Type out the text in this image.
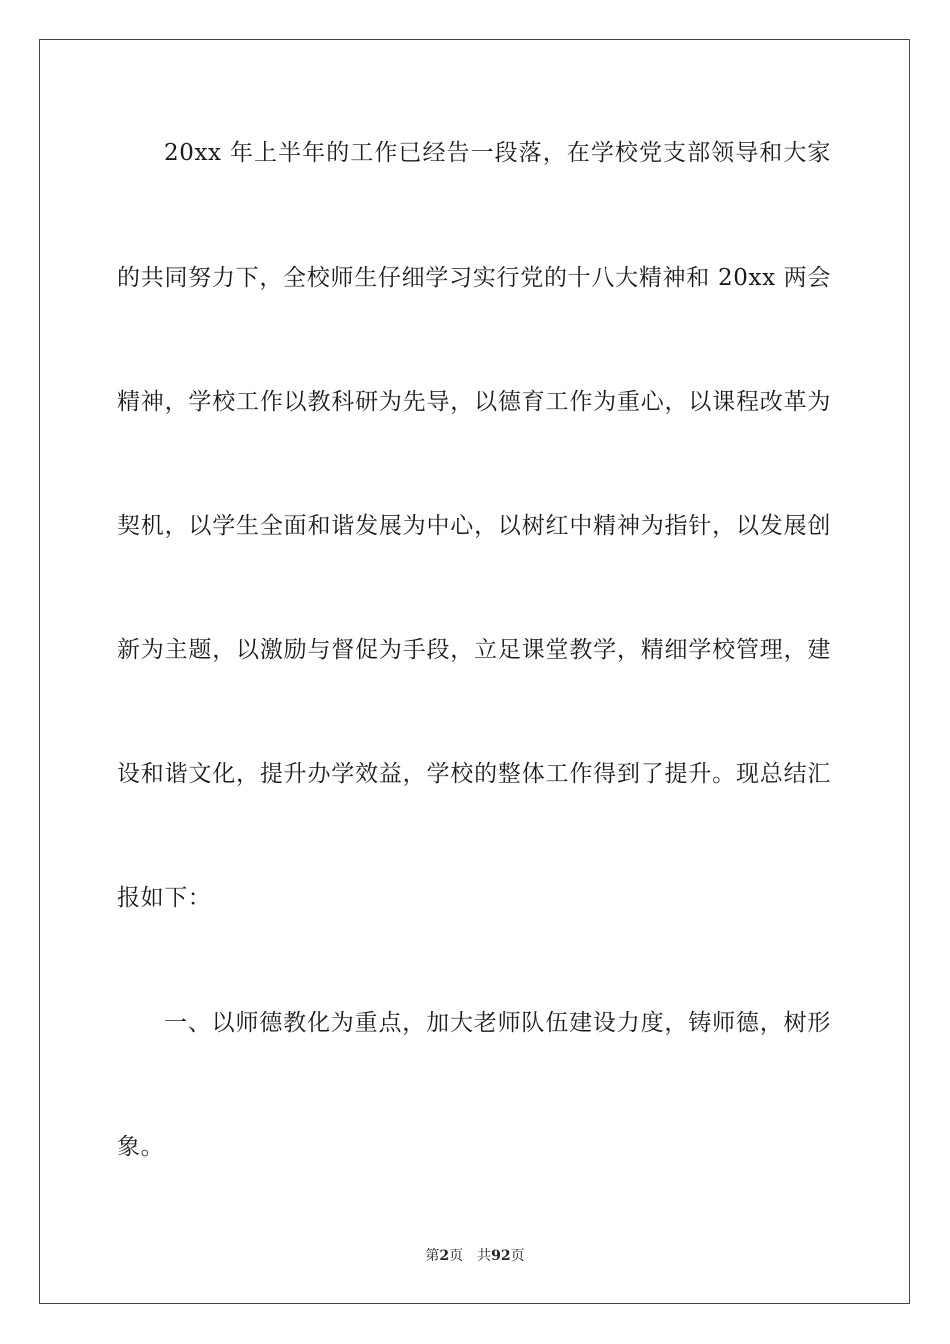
20xx 年上半年的工作已经告一段落，在学校党支部领导和大家
的共同努力下，全校师生仔细学习实行党的十八大精神和 20xx 两会
精神，学校工作以教科研为先导，以德育工作为重心，以课程改革为
契机，以学生全面和谐发展为中心，以树红中精神为指针，以发展创
新为主题，以激励与督促为手段，立足课堂教学，精细学校管理，建
设和谐文化，提升办学效益，学校的整体工作得到了提升。现总结汇
报如下：
一、以师德教化为重点，加大老师队伍建设力度，铸师德，树形
象。
第2页 共92页
